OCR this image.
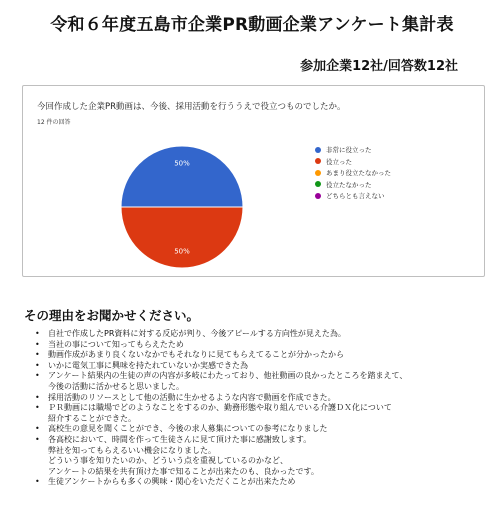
令和６年度五島市企業PR動画企業アンケート集計表
参加企業12社/回答数12社
今回作成した企業PR動画は、今後、採用活動を行ううえで役立つものでしたか。
12 件の回答
50%
50%
非常に役立った
役立った
あまり役立たなかった
役立たなかった
どちらとも言えない
その理由をお聞かせください。
• 自社で作成したPR資料に対する反応が判り、今後アピールする方向性が見えた為。
• 当社の事について知ってもらえたため
• 動画作成があまり良くないなかでもそれなりに見てもらえてることが分かったから
• いかに電気工事に興味を持たれていないか実感できた為
• アンケート結果内の生徒の声の内容が多岐にわたっており、他社動画の良かったところを踏まえて、
今後の活動に活かせると思いました。
• 採用活動のリソースとして他の活動に生かせるような内容で動画を作成できた。
• ＰＲ動画には職場でどのようなことをするのか、勤務形態や取り組んでいる介護ＤＸ化について
紹介することができた。
• 高校生の意見を聞くことができ、今後の求人募集についての参考になりました
• 各高校において、時間を作って生徒さんに見て頂けた事に感謝致します。
弊社を知ってもらえるいい機会になりました。
どういう事を知りたいのか、どういう点を重視しているのかなど、
アンケートの結果を共有頂けた事で知ることが出来たのも、良かったです。
• 生徒アンケートからも多くの興味・関心をいただくことが出来たため
